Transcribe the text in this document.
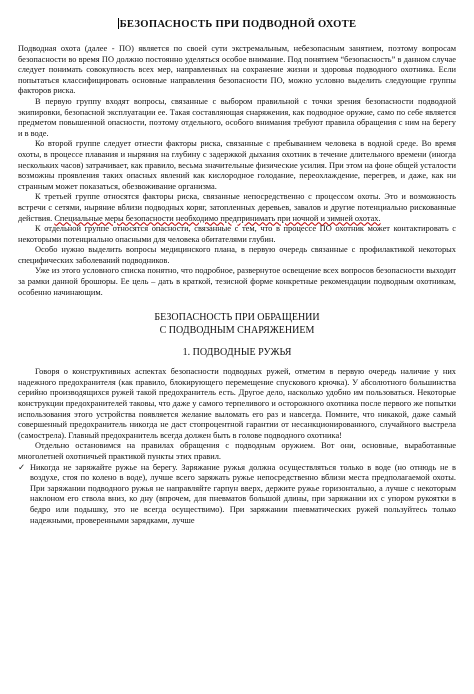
БЕЗОПАСНОСТЬ ПРИ ПОДВОДНОЙ ОХОТЕ

Подводная охота (далее - ПО) является по своей сути экстремальным, небезопасным занятием, поэтому вопросам безопасности во время ПО должно постоянно уделяться особое внимание. Под понятием “безопасность” в данном случае следует понимать совокупность всех мер, направленных на сохранение жизни и здоровья подводного охотника. Если попытаться классифицировать основные направления безопасности ПО, можно условно выделить следующие группы факторов риска.

В первую группу входят вопросы, связанные с выбором правильной с точки зрения безопасности подводной экипировки, безопасной эксплуатации ее. Такая составляющая снаряжения, как подводное оружие, само по себе является предметом повышенной опасности, поэтому отдельного, особого внимания требуют правила обращения с ним на берегу и в воде.

Ко второй группе следует отнести факторы риска, связанные с пребыванием человека в водной среде. Во время охоты, в процессе плавания и ныряния на глубину с задержкой дыхания охотник в течение длительного времени (иногда нескольких часов) затрачивает, как правило, весьма значительные физические усилия. При этом на фоне общей усталости возможны проявления таких опасных явлений как кислородное голодание, переохлаждение, перегрев, и даже, как ни странным может показаться, обезвоживание организма.

К третьей группе относятся факторы риска, связанные непосредственно с процессом охоты. Это и возможность встречи с сетями, ныряние вблизи подводных коряг, затопленных деревьев, завалов и другие потенциально рискованные действия. Специальные меры безопасности необходимо предпринимать при ночной и зимней охотах.

К отдельной группе относятся опасности, связанные с тем, что в процессе ПО охотник может контактировать с некоторыми потенциально опасными для человека обитателями глубин.

Особо нужно выделить вопросы медицинского плана, в первую очередь связанные с профилактикой некоторых специфических заболеваний подводников.

Уже из этого условного списка понятно, что подробное, развернутое освещение всех вопросов безопасности выходит за рамки данной брошюры. Ее цель – дать в краткой, тезисной форме конкретные рекомендации подводным охотникам, особенно начинающим.

БЕЗОПАСНОСТЬ ПРИ ОБРАЩЕНИИ
С ПОДВОДНЫМ СНАРЯЖЕНИЕМ
1. ПОДВОДНЫЕ РУЖЬЯ

Говоря о конструктивных аспектах безопасности подводных ружей, отметим в первую очередь наличие у них надежного предохранителя (как правило, блокирующего перемещение спускового крючка). У абсолютного большинства серийно производящихся ружей такой предохранитель есть. Другое дело, насколько удобно им пользоваться. Некоторые конструкции предохранителей таковы, что даже у самого терпеливого и осторожного охотника после первого же попытки использования этого устройства появляется желание выломать его раз и навсегда. Помните, что никакой, даже самый совершенный предохранитель никогда не даст стопроцентной гарантии от несанкционированного, случайного выстрела (самострела). Главный предохранитель всегда должен быть в голове подводного охотника!

Отдельно остановимся на правилах обращения с подводным оружием. Вот они, основные, выработанные многолетней охотничьей практикой пункты этих правил.

✓ Никогда не заряжайте ружье на берегу. Заряжание ружья должна осуществляться только в воде (но отнюдь не в воздухе, стоя по колено в воде), лучше всего заряжать ружье непосредственно вблизи места предполагаемой охоты. При заряжании подводного ружья не направляйте гарпун вверх, держите ружье горизонтально, а лучше с некоторым наклоном его ствола вниз, ко дну (впрочем, для пневматов большой длины, при заряжании их с упором рукоятки в бедро или подышку, это не всегда осуществимо). При заряжании пневматических ружей пользуйтесь только надежными, проверенными зарядками, лучше
